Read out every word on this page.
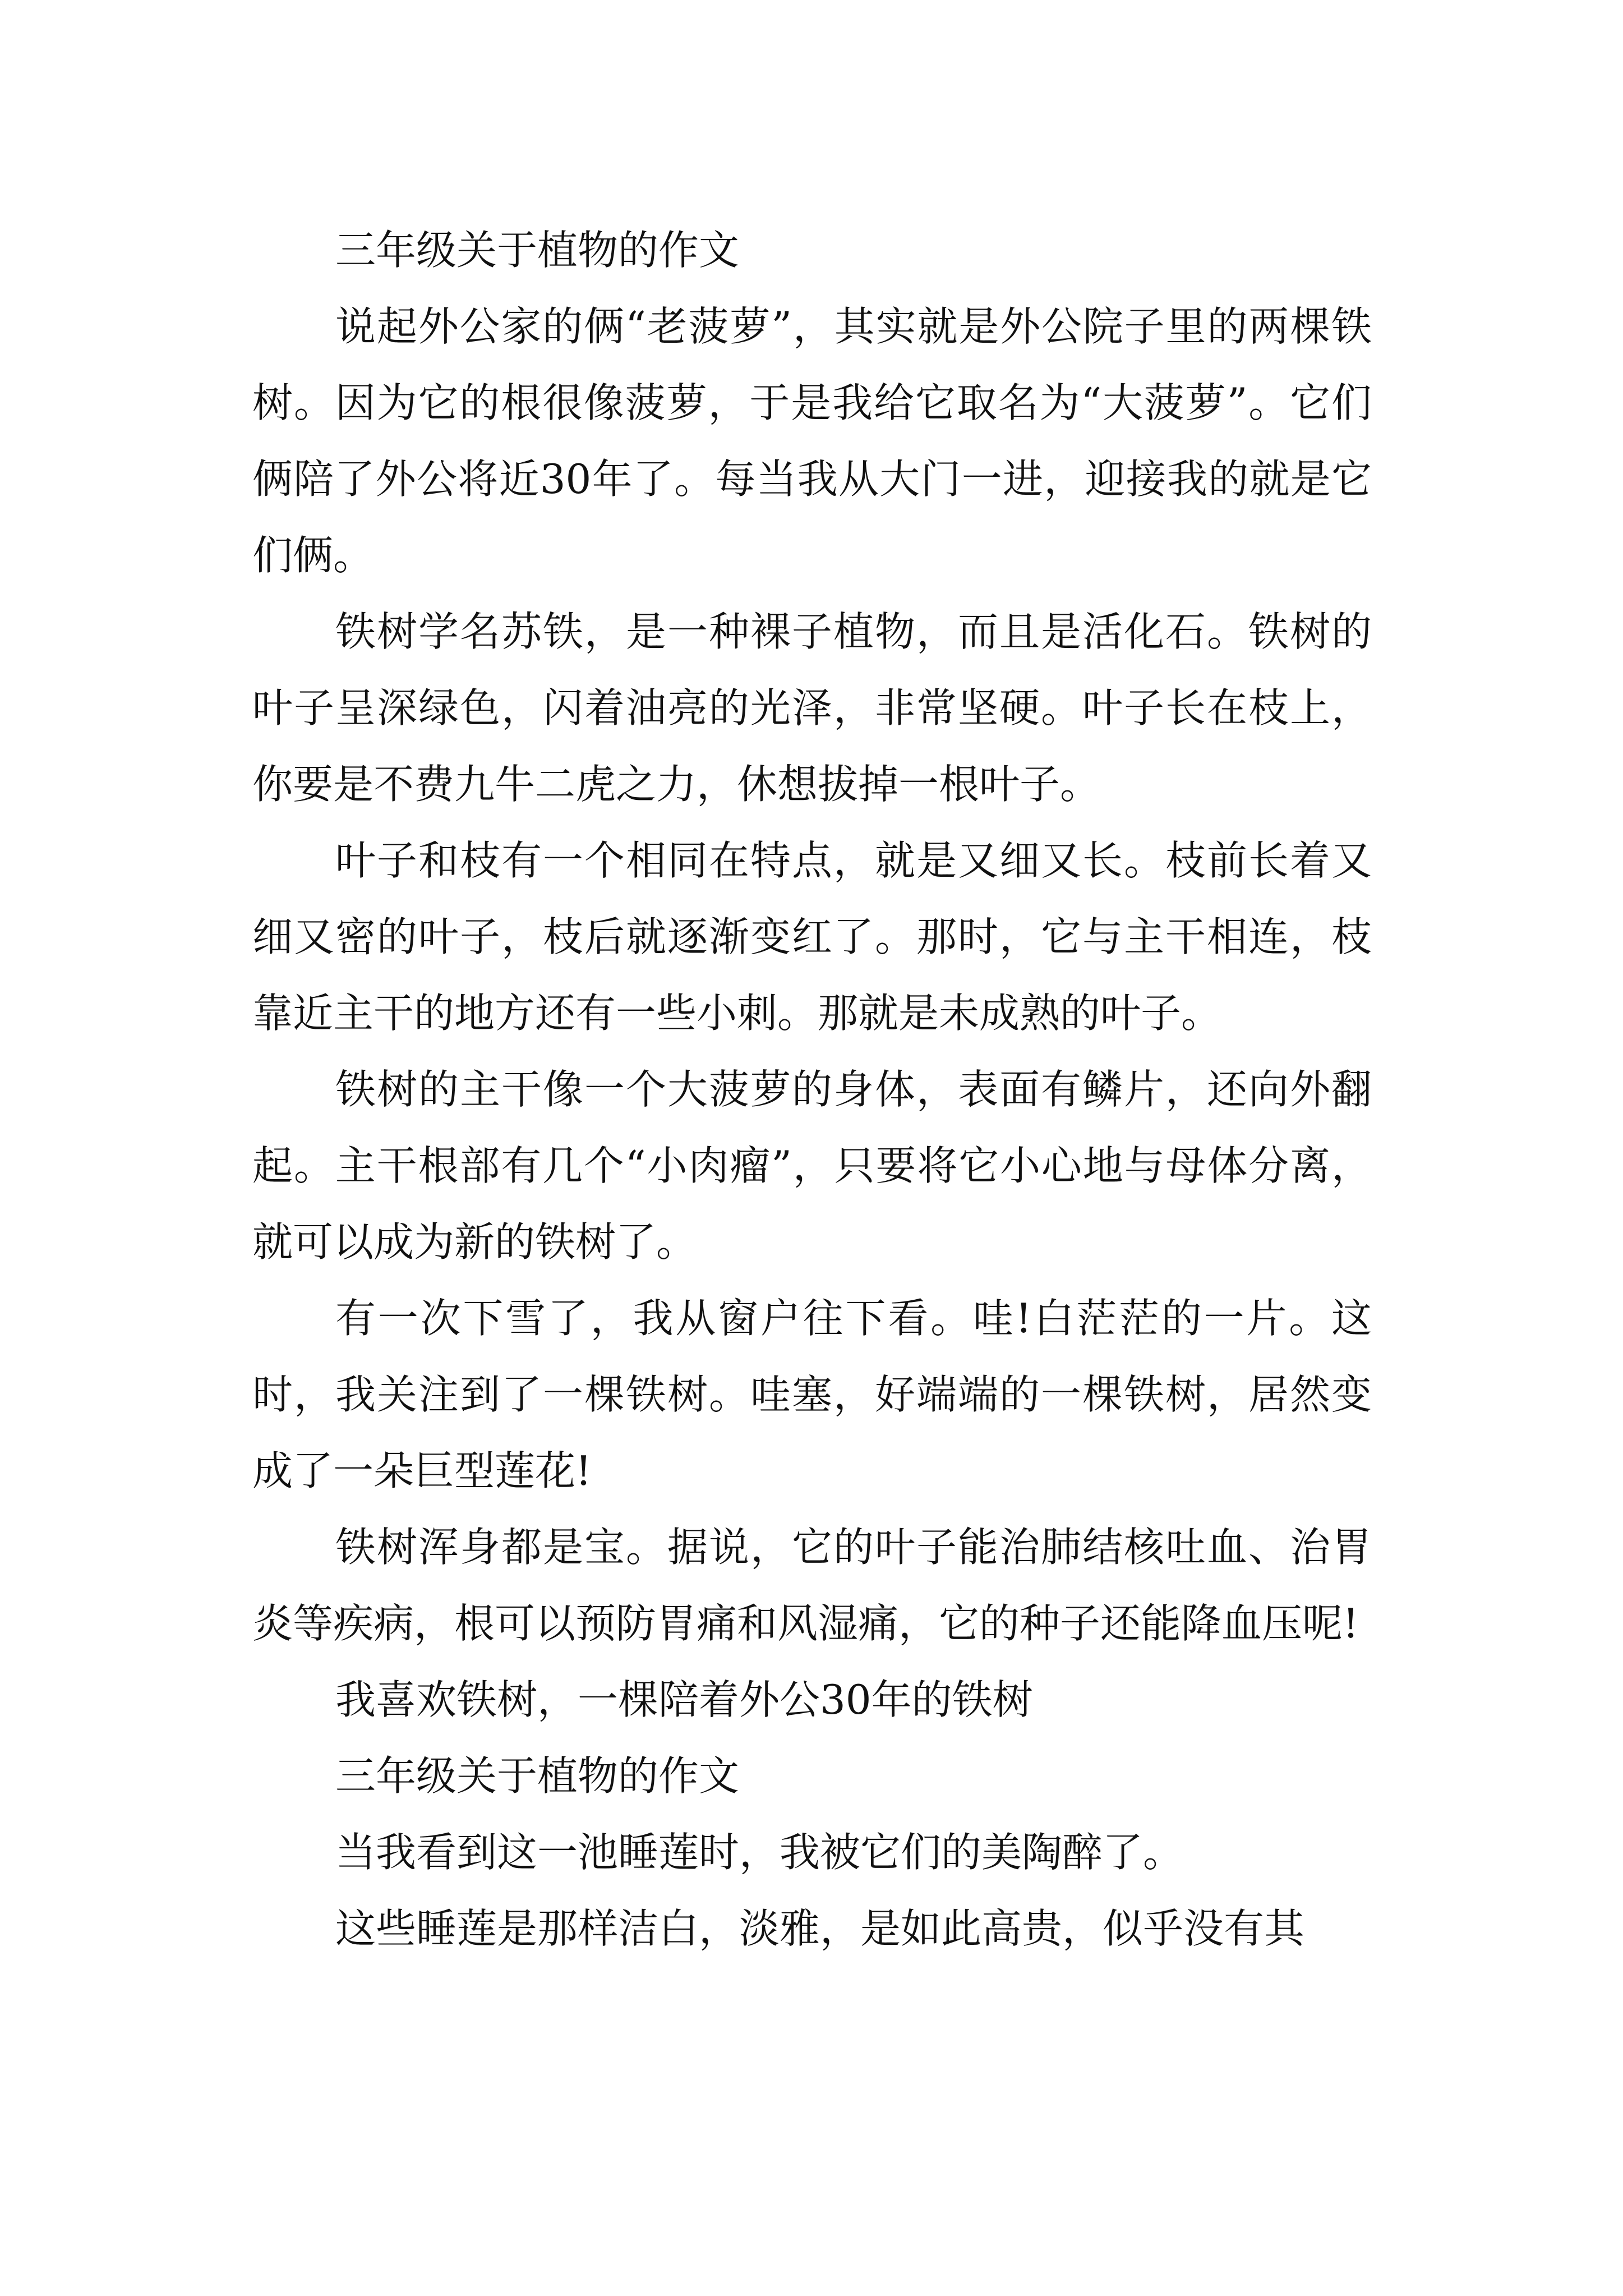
三年级关于植物的作文

说起外公家的俩“老菠萝”，其实就是外公院子里的两棵铁树。因为它的根很像菠萝，于是我给它取名为“大菠萝”。它们俩陪了外公将近30年了。每当我从大门一进，迎接我的就是它们俩。

铁树学名苏铁，是一种裸子植物，而且是活化石。铁树的叶子呈深绿色，闪着油亮的光泽，非常坚硬。叶子长在枝上，你要是不费九牛二虎之力，休想拔掉一根叶子。

叶子和枝有一个相同在特点，就是又细又长。枝前长着又细又密的叶子，枝后就逐渐变红了。那时，它与主干相连，枝靠近主干的地方还有一些小刺。那就是未成熟的叶子。

铁树的主干像一个大菠萝的身体，表面有鳞片，还向外翻起。主干根部有几个“小肉瘤”，只要将它小心地与母体分离，就可以成为新的铁树了。

有一次下雪了，我从窗户往下看。哇!白茫茫的一片。这时，我关注到了一棵铁树。哇塞，好端端的一棵铁树，居然变成了一朵巨型莲花!

铁树浑身都是宝。据说，它的叶子能治肺结核吐血、治胃炎等疾病，根可以预防胃痛和风湿痛，它的种子还能降血压呢!

我喜欢铁树，一棵陪着外公30年的铁树

三年级关于植物的作文

当我看到这一池睡莲时，我被它们的美陶醉了。

这些睡莲是那样洁白，淡雅，是如此高贵，似乎没有其
